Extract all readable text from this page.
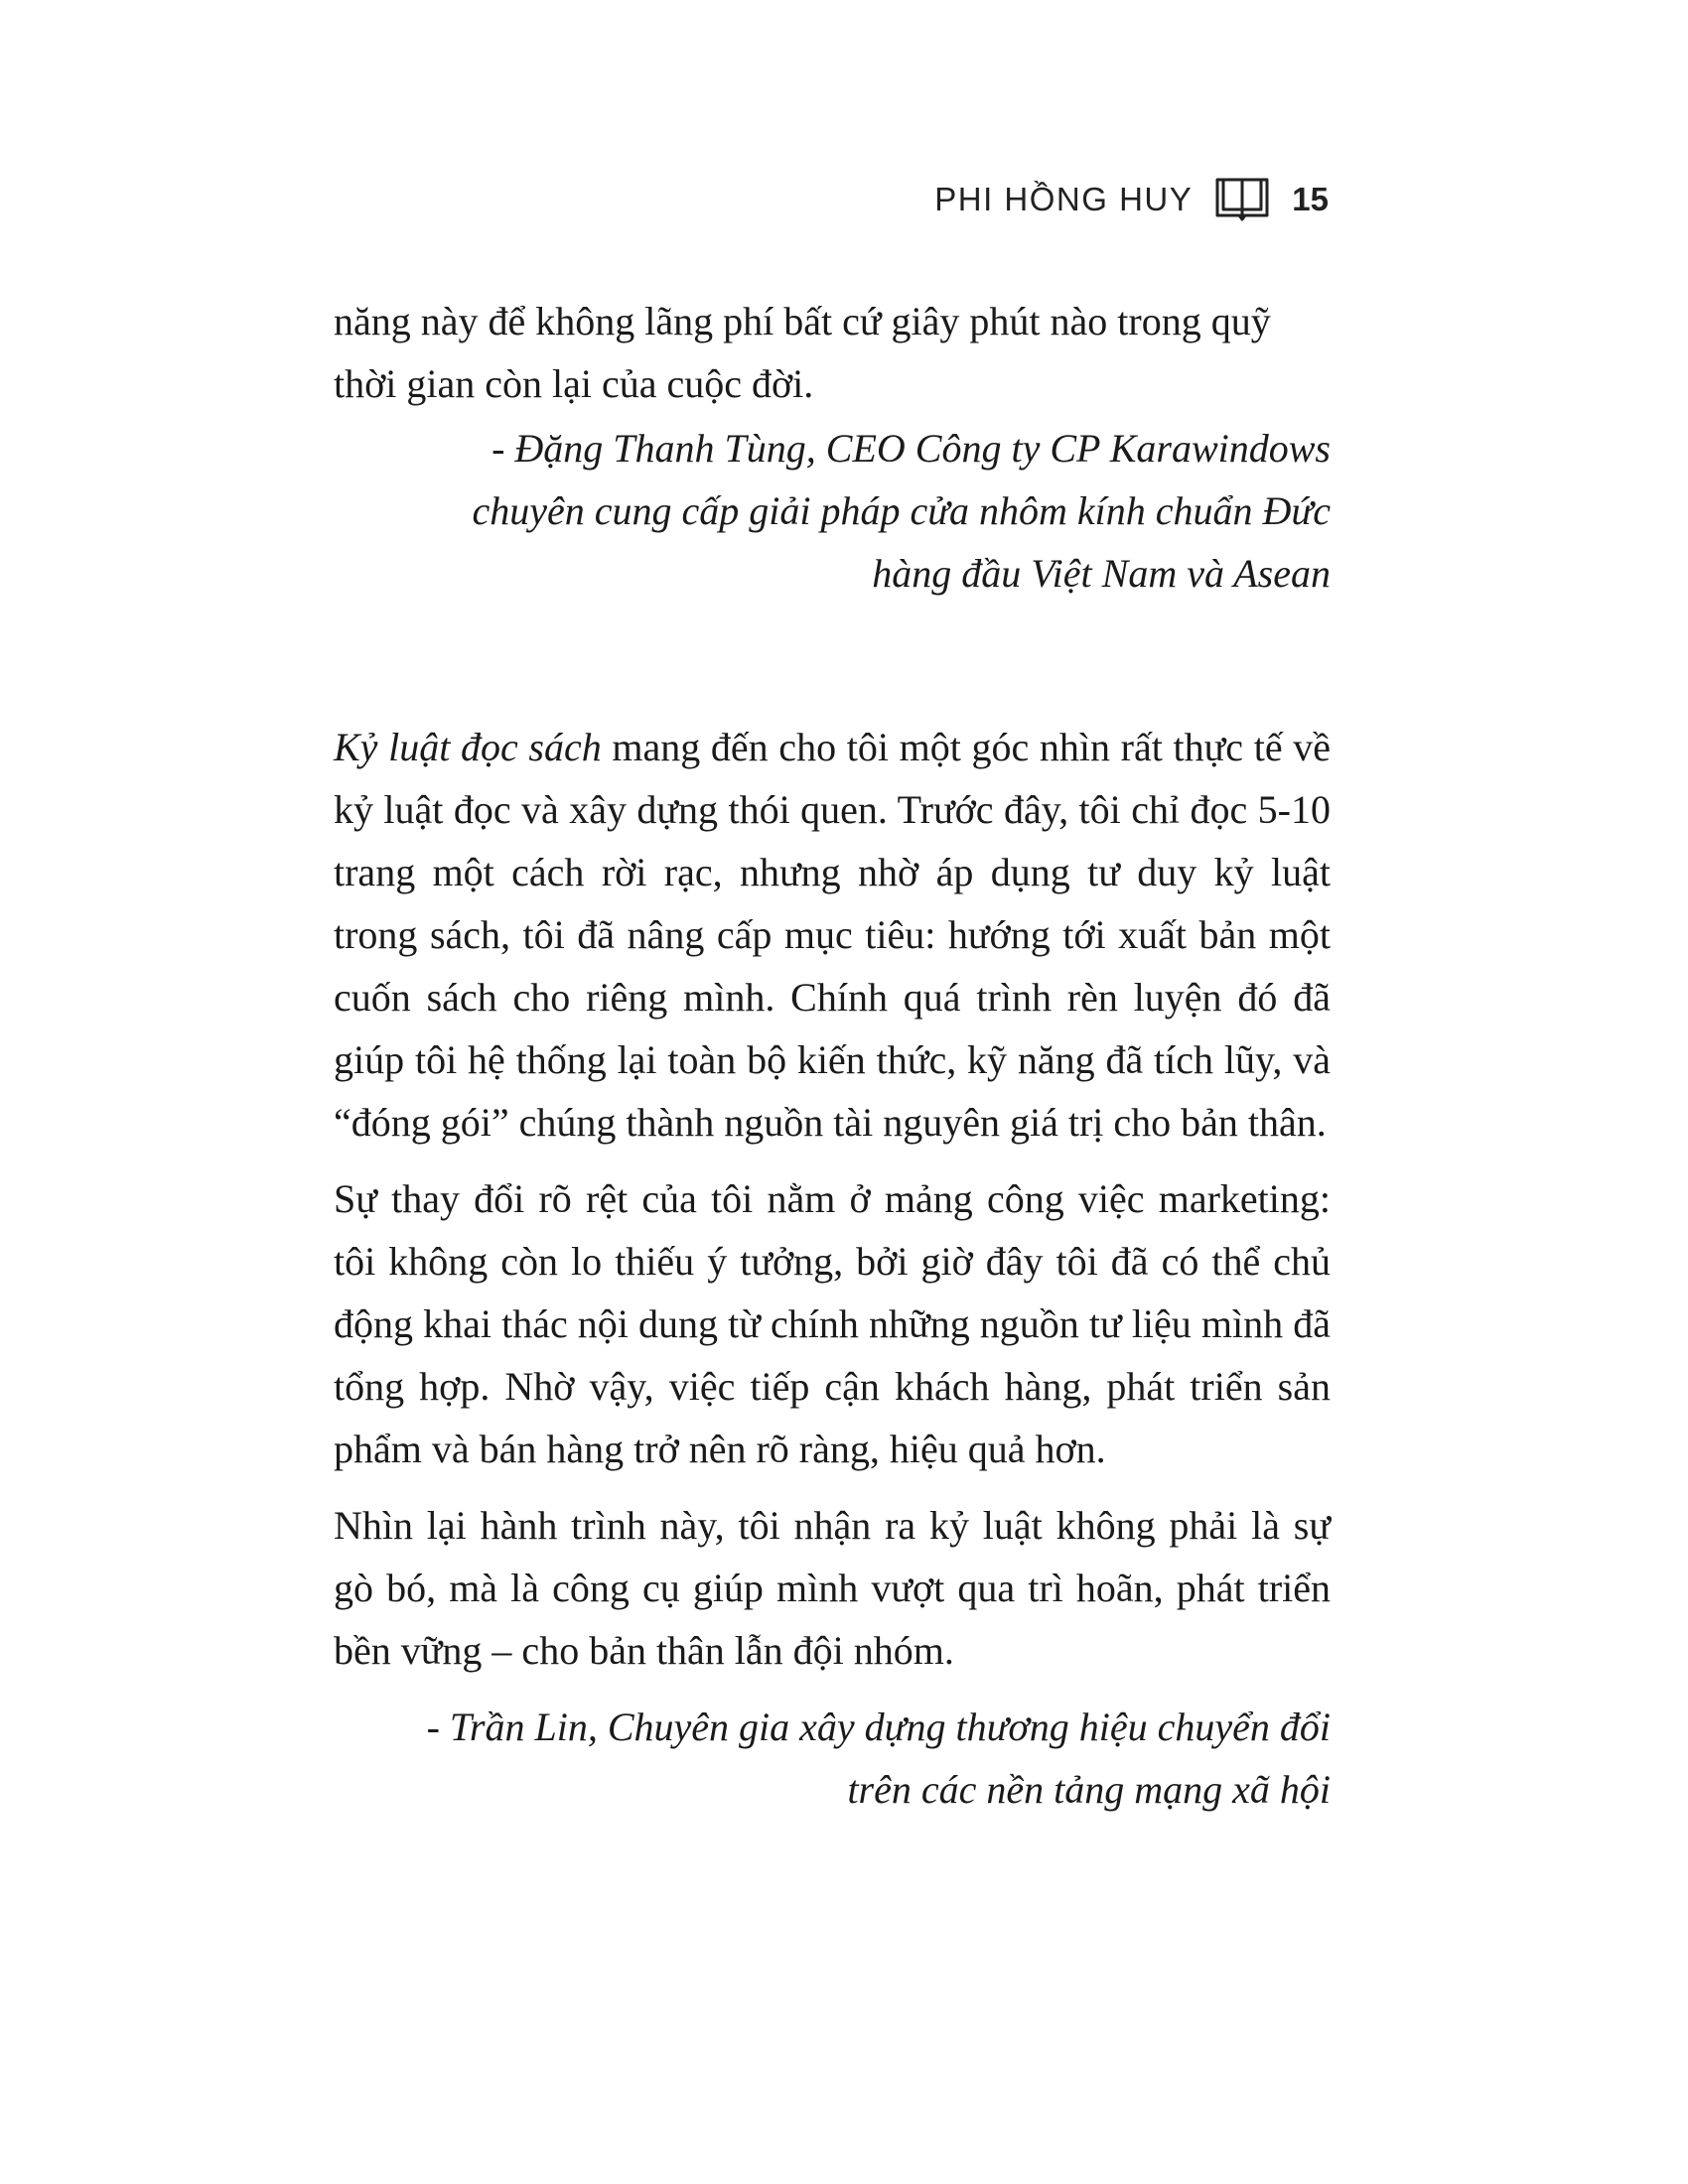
PHI HỒNG HUY	15

năng này để không lãng phí bất cứ giây phút nào trong quỹ thời gian còn lại của cuộc đời.

- Đặng Thanh Tùng, CEO Công ty CP Karawindows

chuyên cung cấp giải pháp cửa nhôm kính chuẩn Đức

hàng đầu Việt Nam và Asean

Kỷ luật đọc sách mang đến cho tôi một góc nhìn rất thực tế về kỷ luật đọc và xây dựng thói quen. Trước đây, tôi chỉ đọc 5-10 trang một cách rời rạc, nhưng nhờ áp dụng tư duy kỷ luật trong sách, tôi đã nâng cấp mục tiêu: hướng tới xuất bản một cuốn sách cho riêng mình. Chính quá trình rèn luyện đó đã giúp tôi hệ thống lại toàn bộ kiến thức, kỹ năng đã tích lũy, và “đóng gói” chúng thành nguồn tài nguyên giá trị cho bản thân.

Sự thay đổi rõ rệt của tôi nằm ở mảng công việc marketing: tôi không còn lo thiếu ý tưởng, bởi giờ đây tôi đã có thể chủ động khai thác nội dung từ chính những nguồn tư liệu mình đã tổng hợp. Nhờ vậy, việc tiếp cận khách hàng, phát triển sản phẩm và bán hàng trở nên rõ ràng, hiệu quả hơn.

Nhìn lại hành trình này, tôi nhận ra kỷ luật không phải là sự gò bó, mà là công cụ giúp mình vượt qua trì hoãn, phát triển bền vững – cho bản thân lẫn đội nhóm.

- Trần Lin, Chuyên gia xây dựng thương hiệu chuyển đổi

trên các nền tảng mạng xã hội
